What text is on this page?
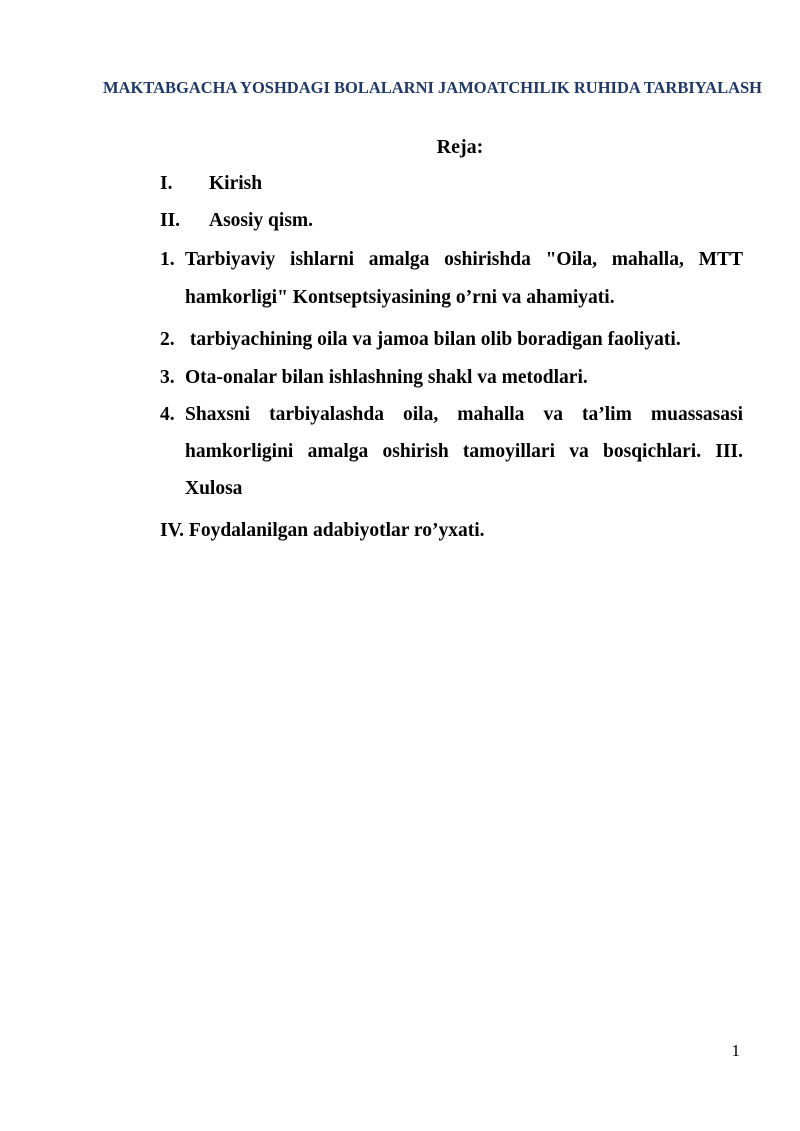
MAKTABGACHA YOSHDAGI BOLALARNI JAMOATCHILIK RUHIDA TARBIYALASH
Reja:
I. Kirish
II. Asosiy qism.
1. Tarbiyaviy ishlarni amalga oshirishda "Oila, mahalla, MTT hamkorligi" Kontseptsiyasining o’rni va ahamiyati.
2. tarbiyachining oila va jamoa bilan olib boradigan faoliyati.
3. Ota-onalar bilan ishlashning shakl va metodlari.
4. Shaxsni tarbiyalashda oila, mahalla va ta’lim muassasasi hamkorligini amalga oshirish tamoyillari va bosqichlari. III. Xulosa
IV. Foydalanilgan adabiyotlar ro’yxati.
1
